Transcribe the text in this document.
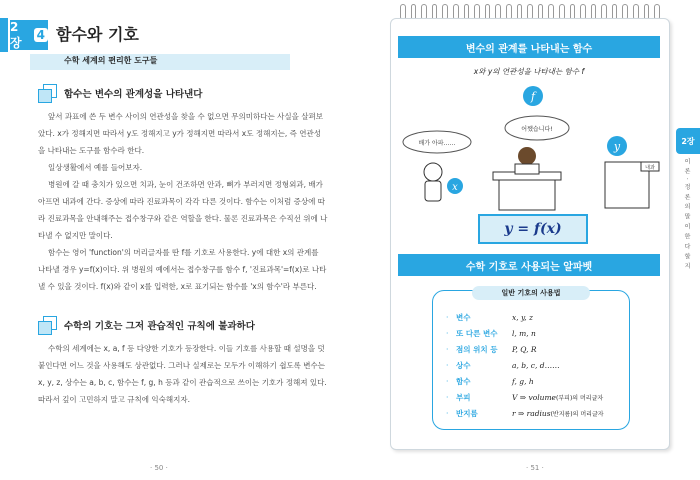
2장
4 함수와 기호
수학 세계의 편리한 도구들
함수는 변수의 관계성을 나타낸다

앞서 과표에 쓴 두 변수 사이의 연관성을 찾을 수 없으면 무의미하다는 사실을 살펴보았다. x가 정해지면 따라서 y도 정해지고 y가 정해지면 따라서 x도 정해지는, 즉 연관성을 나타내는 도구를 함수라 한다.

일상생활에서 예를 들어보자.

병원에 갈 때 충치가 있으면 치과, 눈이 건조하면 안과, 뼈가 부러지면 정형외과, 배가 아프면 내과에 간다. 증상에 따라 진료과목이 각각 다른 것이다. 함수는 이처럼 증상에 따라 진료과목을 안내해주는 접수창구와 같은 역할을 한다. 물론 진료과목은 수직선 위에 나타낼 수 없지만 말이다.

함수는 영어 'function'의 머리글자를 딴 f를 기호로 사용한다. y에 대한 x의 관계를 나타낼 경우 y=f(x)이다. 위 병원의 예에서는 접수창구를 함수 f, '진료과목'=f(x)로 나타낼 수 있을 것이다. f(x)와 같이 x를 입력한, x로 표기되는 함수를 'x의 함수'라 부른다.

수학의 기호는 그저 관습적인 규칙에 불과하다

수학의 세계에는 x, a, f 등 다양한 기호가 등장한다. 이들 기호를 사용할 때 설명을 덧붙인다면 어느 것을 사용해도 상관없다. 그러나 실제로는 모두가 이해하기 쉽도록 변수는 x, y, z, 상수는 a, b, c, 함수는 f, g, h 등과 같이 관습적으로 쓰이는 기호가 정해져 있다. 따라서 깊이 고민하지 말고 규칙에 익숙해지자.

· 50 ·
변수의 관계를 나타내는 함수
x와 y의 연관성을 나타내는 함수 f
배가 아파……
x
f
어쨌습니다!
y
내과
y = f(x)
수학 기호로 사용되는 알파벳
일반 기호의 사용법
·	변수	x, y, z
·	또 다른 변수	l, m, n
·	점의 위치 등	P, Q, R
·	상수	a, b, c, d……
·	함수	f, g, h
·	부피	V ⇒ volume(부피)의 머리글자
·	반지름	r ⇒ radius(반지름)의 머리글자
2장
이 론 · 정 론 의 말 이 한 다 할 지
· 51 ·
